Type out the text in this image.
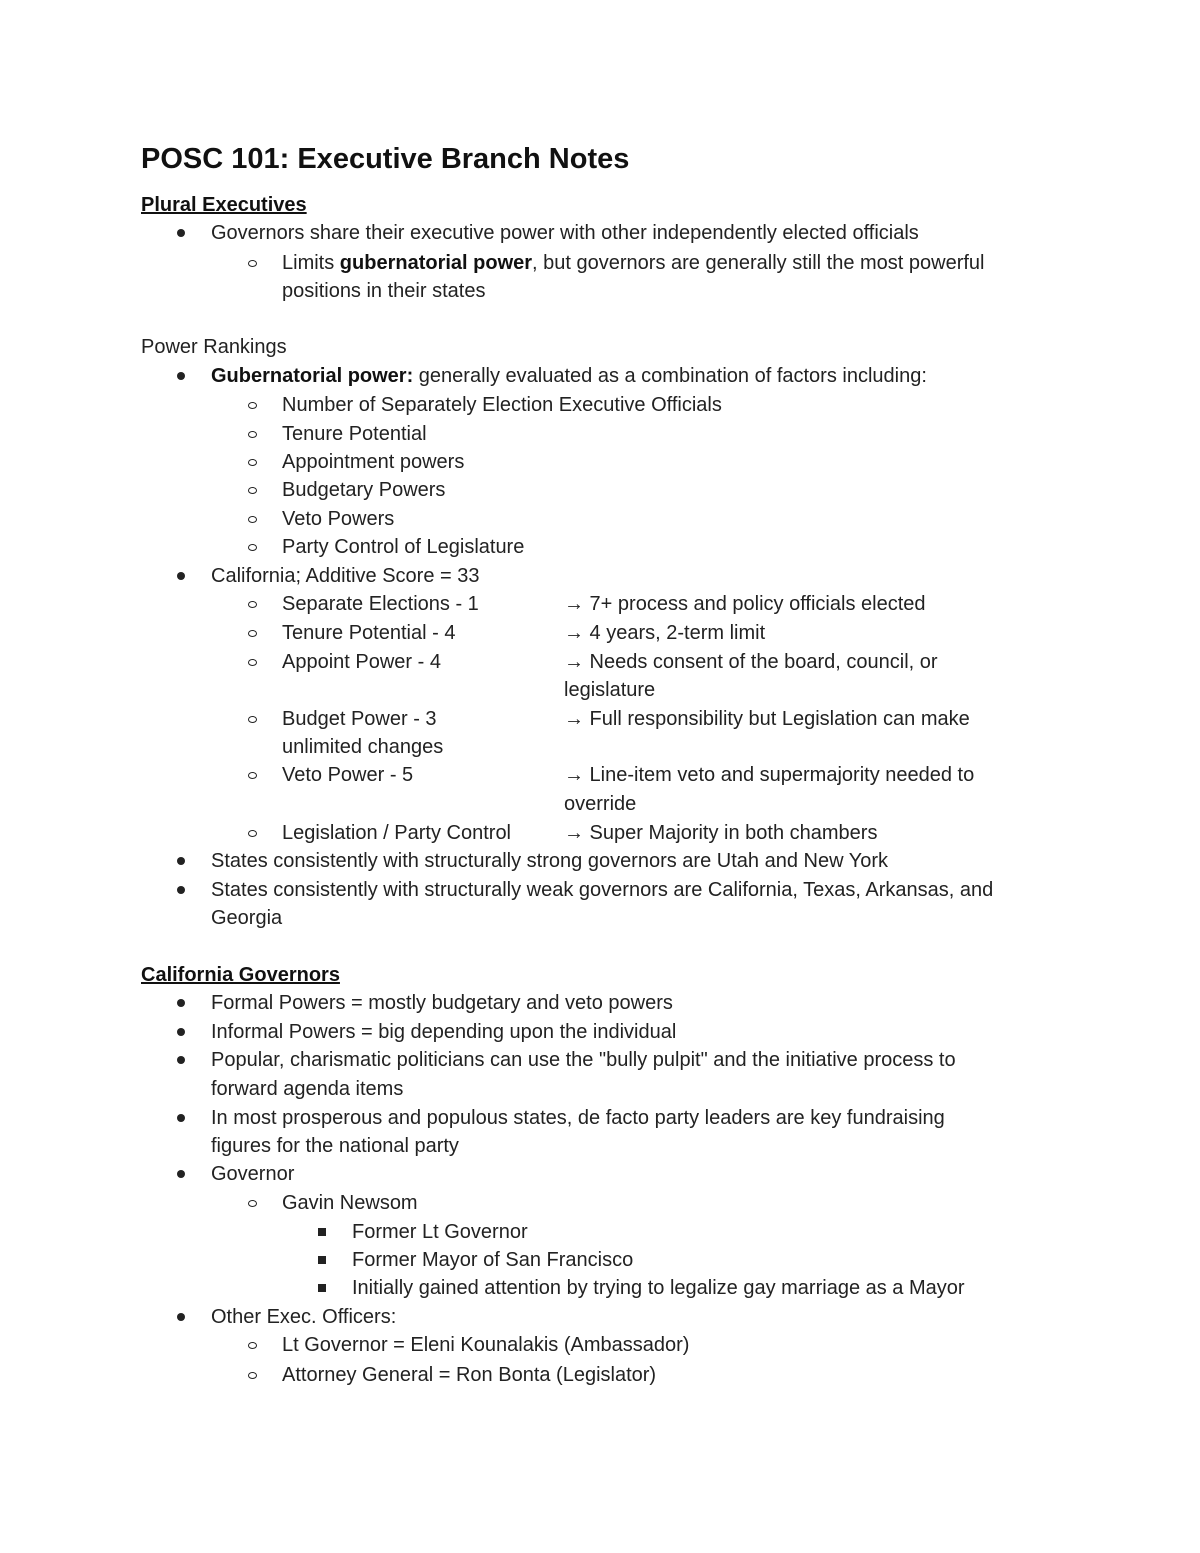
POSC 101: Executive Branch Notes
Plural Executives
Governors share their executive power with other independently elected officials
Limits gubernatorial power, but governors are generally still the most powerful
positions in their states
Power Rankings
Gubernatorial power: generally evaluated as a combination of factors including:
Number of Separately Election Executive Officials
Tenure Potential
Appointment powers
Budgetary Powers
Veto Powers
Party Control of Legislature
California; Additive Score = 33
Separate Elections - 1	→ 7+ process and policy officials elected
Tenure Potential - 4	→ 4 years, 2-term limit
Appoint Power - 4	→ Needs consent of the board, council, or
legislature
Budget Power - 3	→ Full responsibility but Legislation can make
unlimited changes
Veto Power - 5	→ Line-item veto and supermajority needed to
override
Legislation / Party Control	→ Super Majority in both chambers
States consistently with structurally strong governors are Utah and New York
States consistently with structurally weak governors are California, Texas, Arkansas, and
Georgia
California Governors
Formal Powers = mostly budgetary and veto powers
Informal Powers = big depending upon the individual
Popular, charismatic politicians can use the "bully pulpit" and the initiative process to
forward agenda items
In most prosperous and populous states, de facto party leaders are key fundraising
figures for the national party
Governor
Gavin Newsom
Former Lt Governor
Former Mayor of San Francisco
Initially gained attention by trying to legalize gay marriage as a Mayor
Other Exec. Officers:
Lt Governor = Eleni Kounalakis (Ambassador)
Attorney General = Ron Bonta (Legislator)
